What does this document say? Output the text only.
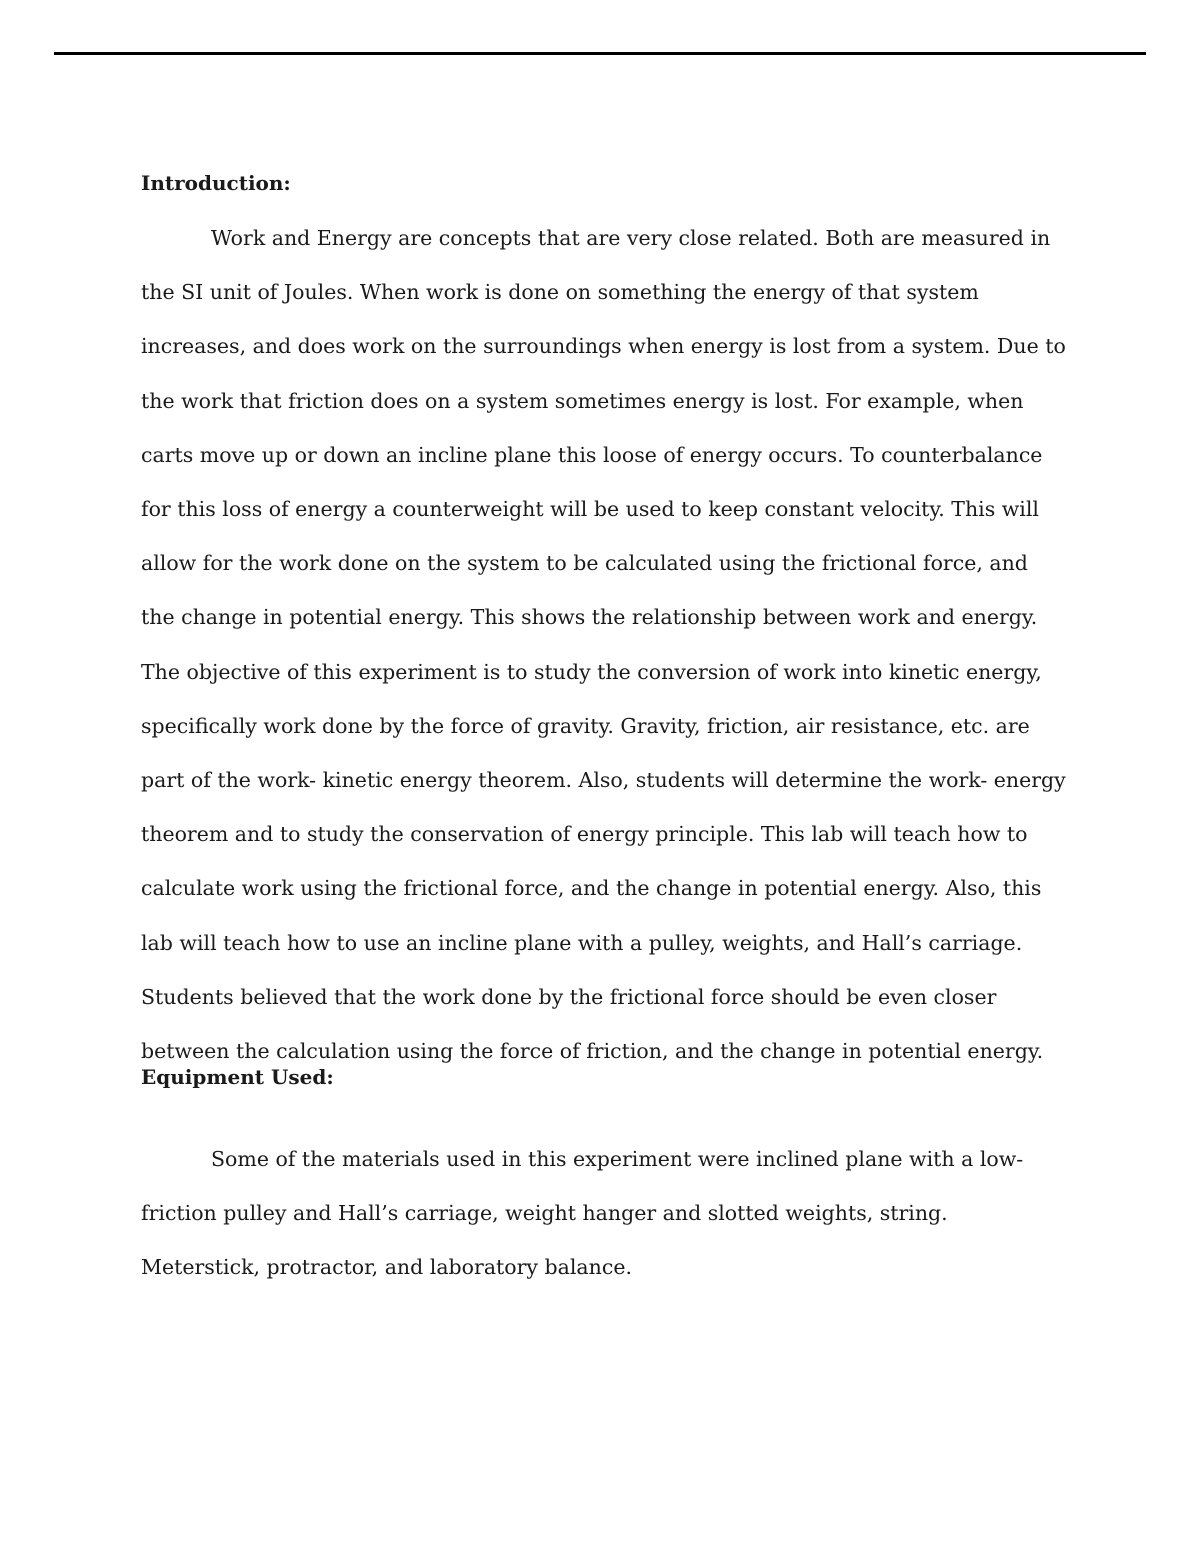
Introduction:

Work and Energy are concepts that are very close related. Both are measured in the SI unit of Joules. When work is done on something the energy of that system increases, and does work on the surroundings when energy is lost from a system. Due to the work that friction does on a system sometimes energy is lost. For example, when carts move up or down an incline plane this loose of energy occurs. To counterbalance for this loss of energy a counterweight will be used to keep constant velocity. This will allow for the work done on the system to be calculated using the frictional force, and the change in potential energy. This shows the relationship between work and energy. The objective of this experiment is to study the conversion of work into kinetic energy, specifically work done by the force of gravity. Gravity, friction, air resistance, etc. are part of the work- kinetic energy theorem. Also, students will determine the work- energy theorem and to study the conservation of energy principle. This lab will teach how to calculate work using the frictional force, and the change in potential energy. Also, this lab will teach how to use an incline plane with a pulley, weights, and Hall’s carriage. Students believed that the work done by the frictional force should be even closer between the calculation using the force of friction, and the change in potential energy.

Equipment Used:

Some of the materials used in this experiment were inclined plane with a low- friction pulley and Hall’s carriage, weight hanger and slotted weights, string. Meterstick, protractor, and laboratory balance.
